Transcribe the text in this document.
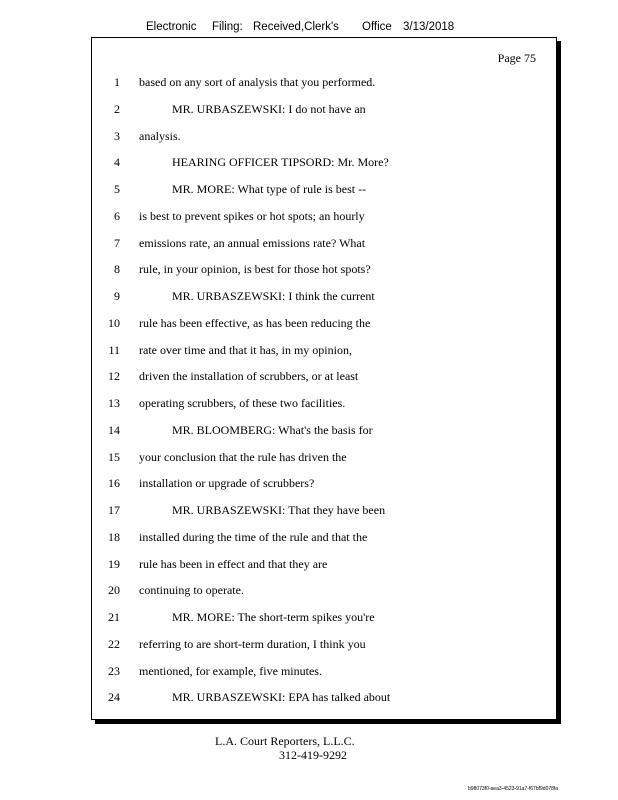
Electronic Filing: Received,Clerk's Office 3/13/2018
Page 75
1 based on any sort of analysis that you performed.
2	MR. URBASZEWSKI: I do not have an
3 analysis.
4	HEARING OFFICER TIPSORD: Mr. More?
5	MR. MORE: What type of rule is best --
6 is best to prevent spikes or hot spots; an hourly
7 emissions rate, an annual emissions rate? What
8 rule, in your opinion, is best for those hot spots?
9	MR. URBASZEWSKI: I think the current
10 rule has been effective, as has been reducing the
11 rate over time and that it has, in my opinion,
12 driven the installation of scrubbers, or at least
13 operating scrubbers, of these two facilities.
14	MR. BLOOMBERG: What's the basis for
15 your conclusion that the rule has driven the
16 installation or upgrade of scrubbers?
17	MR. URBASZEWSKI: That they have been
18 installed during the time of the rule and that the
19 rule has been in effect and that they are
20 continuing to operate.
21	MR. MORE: The short-term spikes you're
22 referring to are short-term duration, I think you
23 mentioned, for example, five minutes.
24	MR. URBASZEWSKI: EPA has talked about
L.A. Court Reporters, L.L.C.
312-419-9292
b98073f0-aea3-4523-91a7-f67bf9d078fa
